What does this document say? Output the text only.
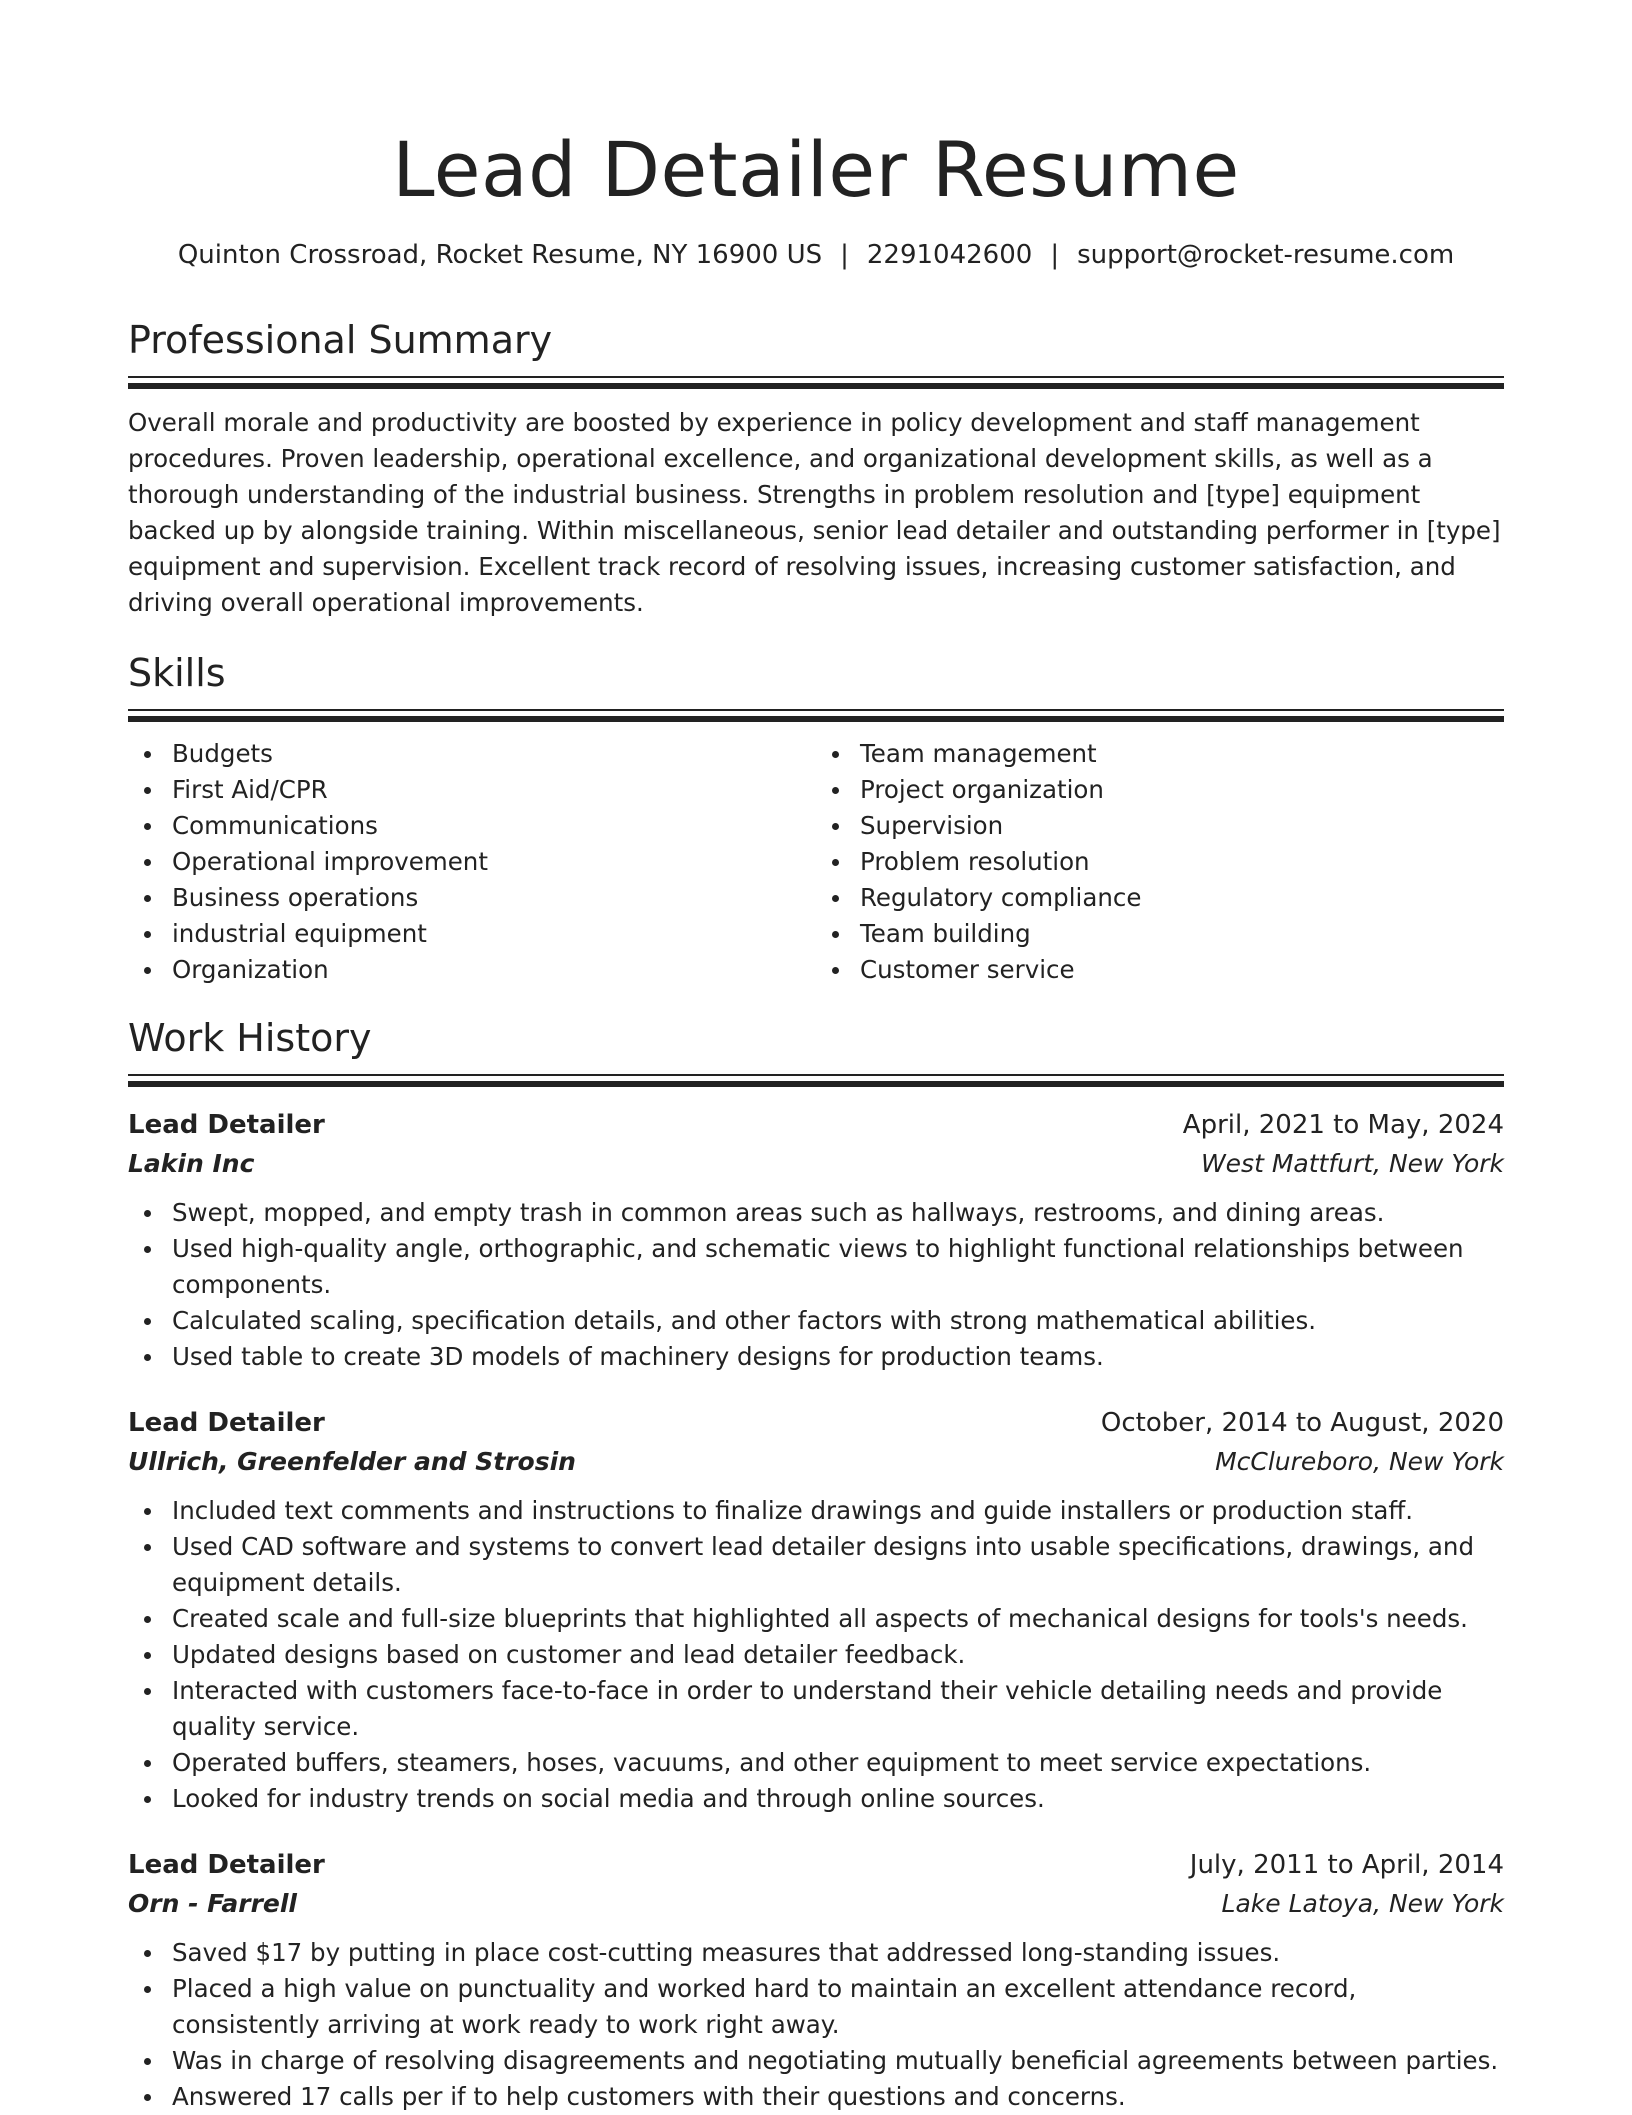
Lead Detailer Resume
Quinton Crossroad, Rocket Resume, NY 16900 US | 2291042600 | support@rocket-resume.com
Professional Summary

Overall morale and productivity are boosted by experience in policy development and staff management procedures. Proven leadership, operational excellence, and organizational development skills, as well as a thorough understanding of the industrial business. Strengths in problem resolution and [type] equipment backed up by alongside training. Within miscellaneous, senior lead detailer and outstanding performer in [type] equipment and supervision. Excellent track record of resolving issues, increasing customer satisfaction, and driving overall operational improvements.

Skills
Budgets
First Aid/CPR
Communications
Operational improvement
Business operations
industrial equipment
Organization
Team management
Project organization
Supervision
Problem resolution
Regulatory compliance
Team building
Customer service
Work History
Lead Detailer	April, 2021 to May, 2024
Lakin Inc	West Mattfurt, New York
Swept, mopped, and empty trash in common areas such as hallways, restrooms, and dining areas.
Used high-quality angle, orthographic, and schematic views to highlight functional relationships between components.
Calculated scaling, specification details, and other factors with strong mathematical abilities.
Used table to create 3D models of machinery designs for production teams.
Lead Detailer	October, 2014 to August, 2020
Ullrich, Greenfelder and Strosin	McClureboro, New York
Included text comments and instructions to finalize drawings and guide installers or production staff.
Used CAD software and systems to convert lead detailer designs into usable specifications, drawings, and equipment details.
Created scale and full-size blueprints that highlighted all aspects of mechanical designs for tools's needs.
Updated designs based on customer and lead detailer feedback.
Interacted with customers face-to-face in order to understand their vehicle detailing needs and provide quality service.
Operated buffers, steamers, hoses, vacuums, and other equipment to meet service expectations.
Looked for industry trends on social media and through online sources.
Lead Detailer	July, 2011 to April, 2014
Orn - Farrell	Lake Latoya, New York
Saved $17 by putting in place cost-cutting measures that addressed long-standing issues.
Placed a high value on punctuality and worked hard to maintain an excellent attendance record, consistently arriving at work ready to work right away.
Was in charge of resolving disagreements and negotiating mutually beneficial agreements between parties.
Answered 17 calls per if to help customers with their questions and concerns.
